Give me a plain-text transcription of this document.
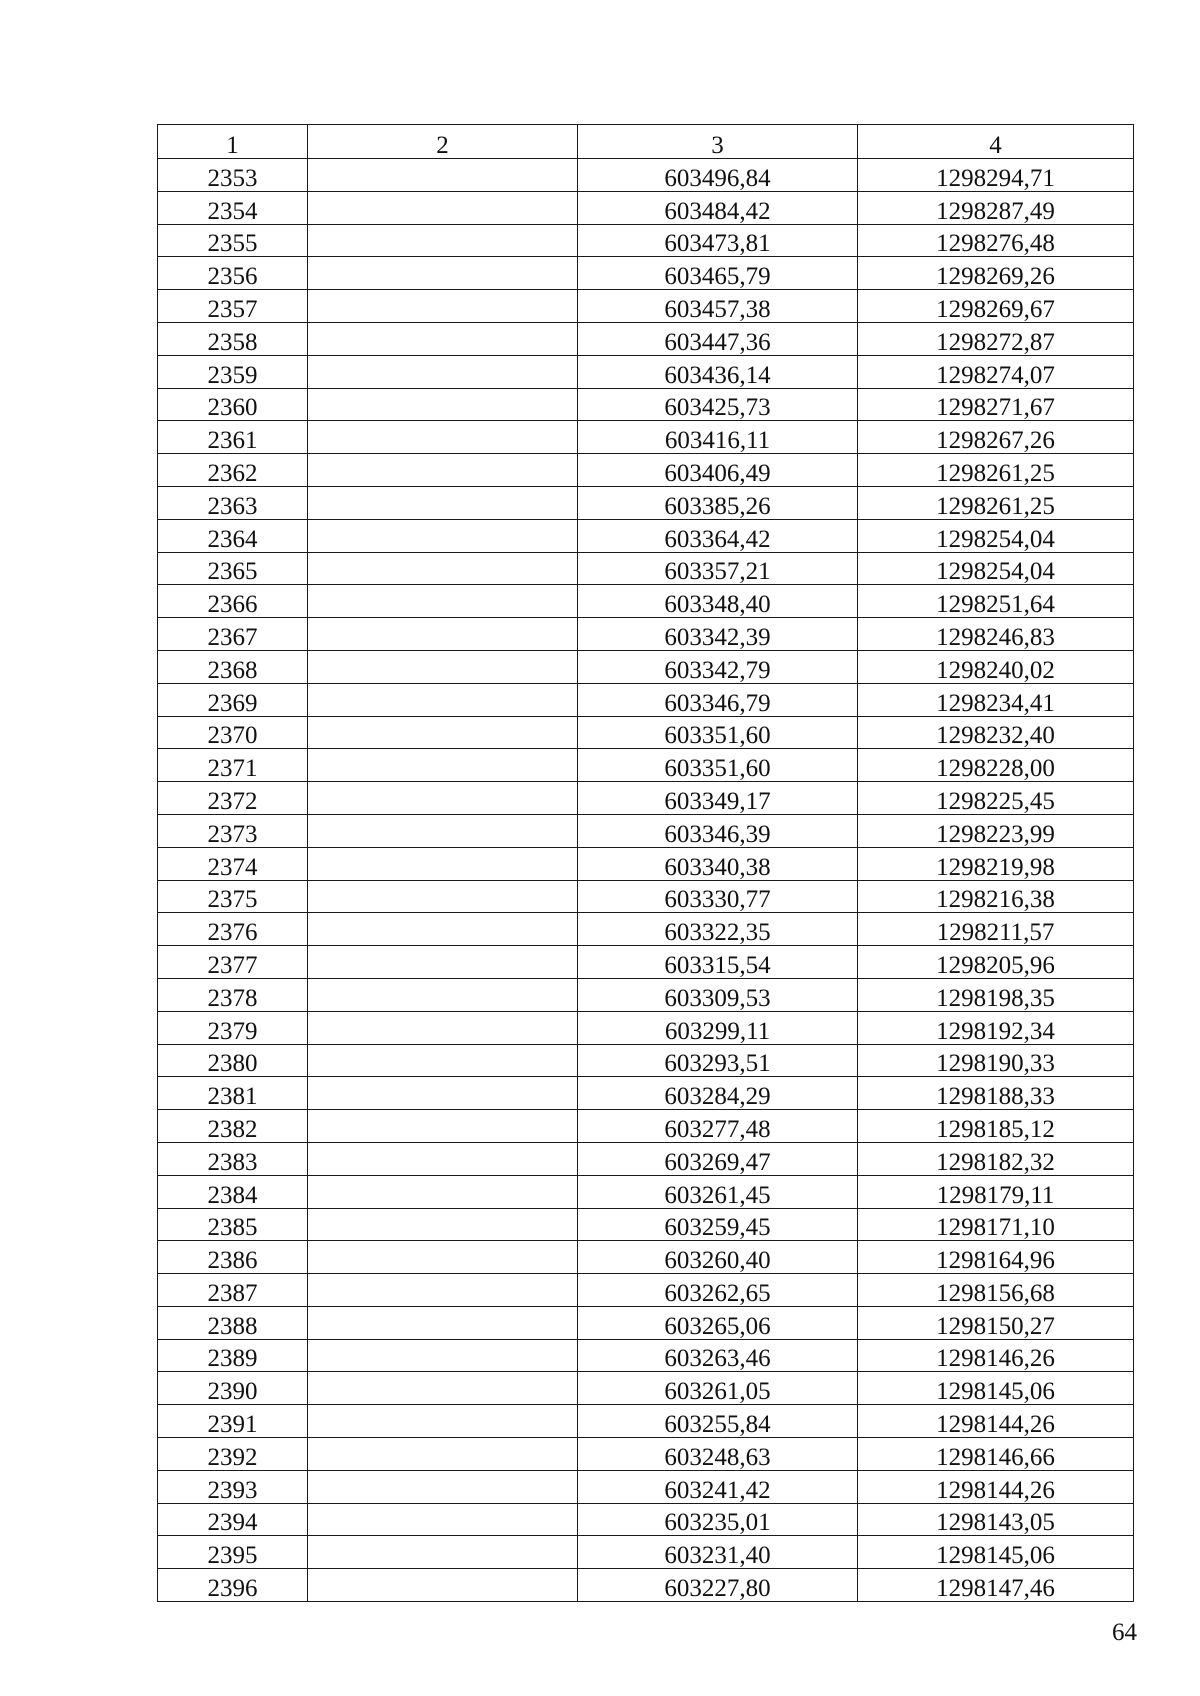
1	2	3	4
2353		603496,84	1298294,71
2354		603484,42	1298287,49
2355		603473,81	1298276,48
2356		603465,79	1298269,26
2357		603457,38	1298269,67
2358		603447,36	1298272,87
2359		603436,14	1298274,07
2360		603425,73	1298271,67
2361		603416,11	1298267,26
2362		603406,49	1298261,25
2363		603385,26	1298261,25
2364		603364,42	1298254,04
2365		603357,21	1298254,04
2366		603348,40	1298251,64
2367		603342,39	1298246,83
2368		603342,79	1298240,02
2369		603346,79	1298234,41
2370		603351,60	1298232,40
2371		603351,60	1298228,00
2372		603349,17	1298225,45
2373		603346,39	1298223,99
2374		603340,38	1298219,98
2375		603330,77	1298216,38
2376		603322,35	1298211,57
2377		603315,54	1298205,96
2378		603309,53	1298198,35
2379		603299,11	1298192,34
2380		603293,51	1298190,33
2381		603284,29	1298188,33
2382		603277,48	1298185,12
2383		603269,47	1298182,32
2384		603261,45	1298179,11
2385		603259,45	1298171,10
2386		603260,40	1298164,96
2387		603262,65	1298156,68
2388		603265,06	1298150,27
2389		603263,46	1298146,26
2390		603261,05	1298145,06
2391		603255,84	1298144,26
2392		603248,63	1298146,66
2393		603241,42	1298144,26
2394		603235,01	1298143,05
2395		603231,40	1298145,06
2396		603227,80	1298147,46
64
